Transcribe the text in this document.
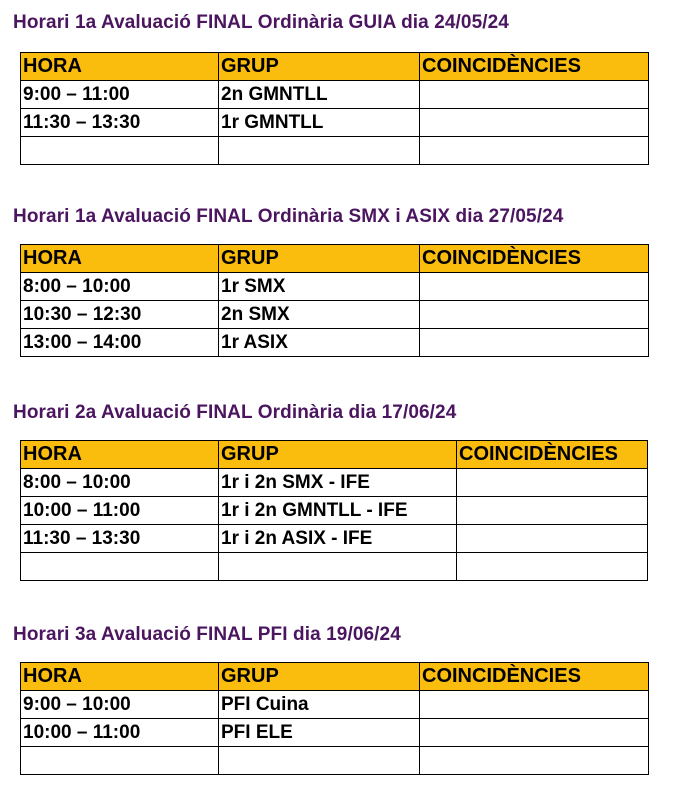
Horari 1a Avaluació FINAL Ordinària GUIA dia 24/05/24
HORA	GRUP	COINCIDÈNCIES
9:00 – 11:00	2n GMNTLL	
11:30 – 13:30	1r GMNTLL	

Horari 1a Avaluació FINAL Ordinària SMX i ASIX dia 27/05/24
HORA	GRUP	COINCIDÈNCIES
8:00 – 10:00	1r SMX	
10:30 – 12:30	2n SMX	
13:00 – 14:00	1r ASIX	
Horari 2a Avaluació FINAL Ordinària dia 17/06/24
HORA	GRUP	COINCIDÈNCIES
8:00 – 10:00	1r i 2n SMX - IFE	
10:00 – 11:00	1r i 2n GMNTLL - IFE	
11:30 – 13:30	1r i 2n ASIX - IFE	

Horari 3a Avaluació FINAL PFI dia 19/06/24
HORA	GRUP	COINCIDÈNCIES
9:00 – 10:00	PFI Cuina	
10:00 – 11:00	PFI ELE	
